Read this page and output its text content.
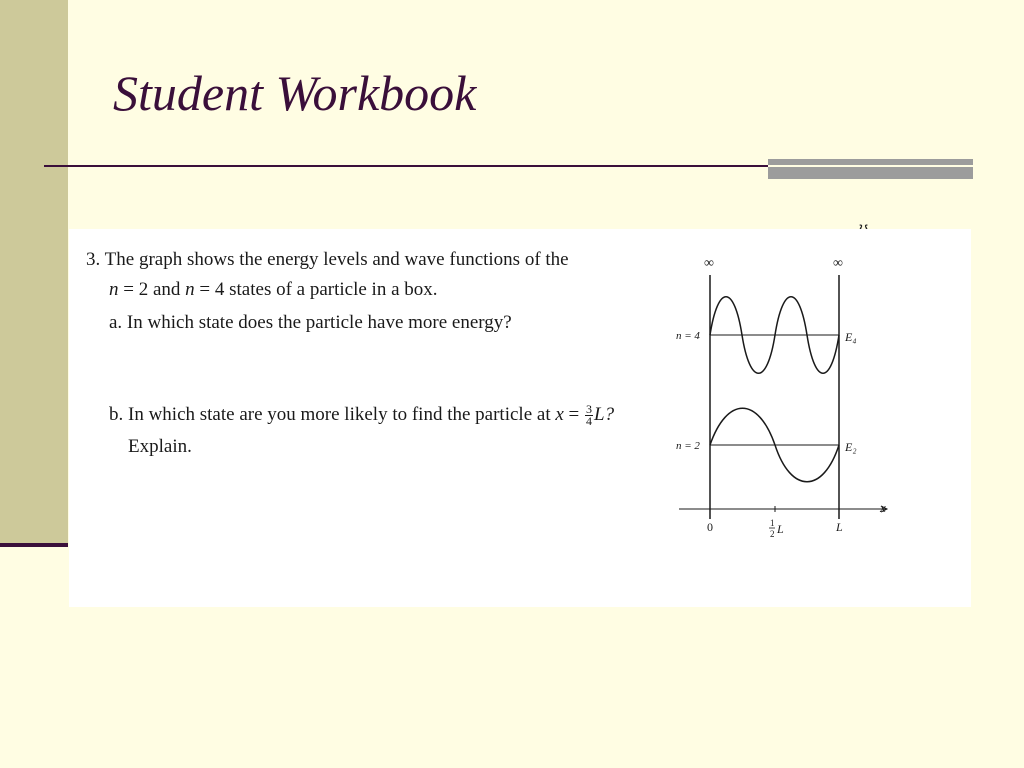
Student Workbook
3. The graph shows the energy levels and wave functions of the
n = 2 and n = 4 states of a particle in a box.
a. In which state does the particle have more energy?
b. In which state are you more likely to find the particle at $x = \frac{3}{4} L$?
Explain.
∞	∞
x
n = 4	E₄
n = 2	E₂
0	1
2 L	L
